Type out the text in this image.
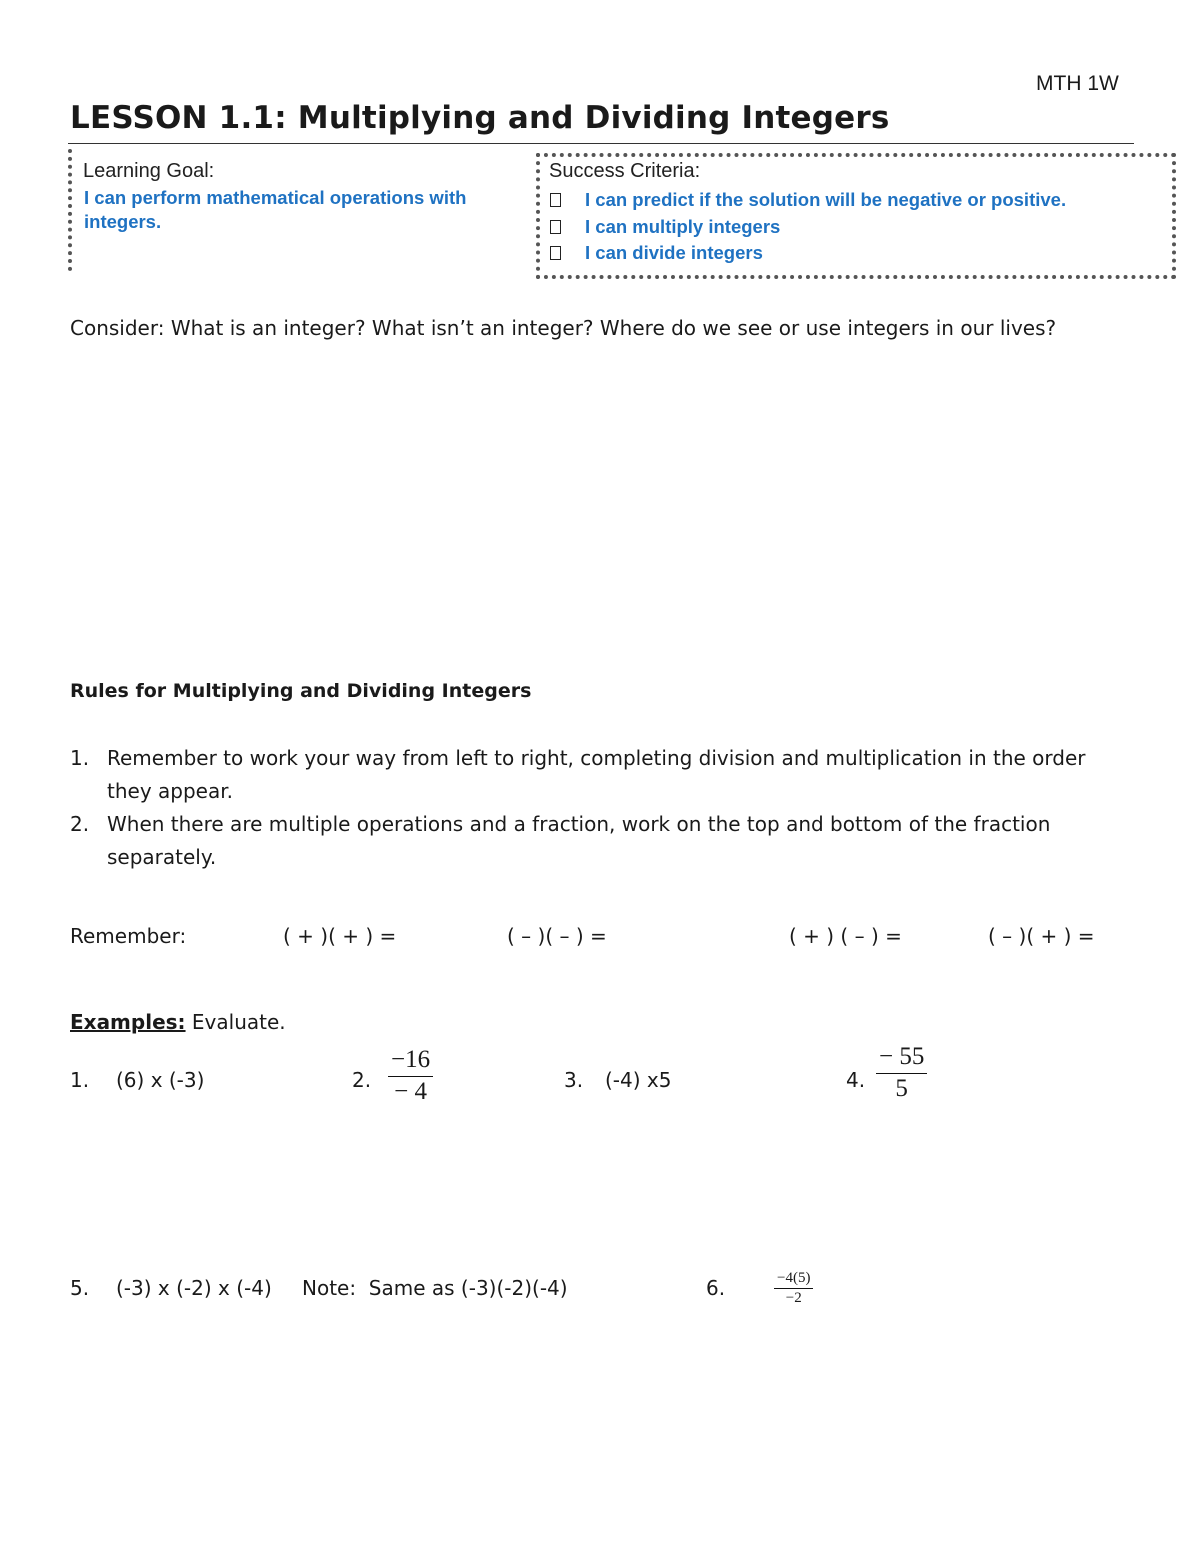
MTH 1W
LESSON 1.1: Multiplying and Dividing Integers
Learning Goal:
I can perform mathematical operations with integers.
Success Criteria:
I can predict if the solution will be negative or positive.
I can multiply integers
I can divide integers
Consider: What is an integer? What isn’t an integer? Where do we see or use integers in our lives?
Rules for Multiplying and Dividing Integers
1. Remember to work your way from left to right, completing division and multiplication in the order they appear.
2. When there are multiple operations and a fraction, work on the top and bottom of the fraction separately.
Remember:	( + )( + ) =	( – )( – ) =	( + ) ( – ) =	( – )( + ) =
Examples: Evaluate.
1. (6) x (-3)	2. $\frac{-16}{- 4}$	3. (-4) x5	4. $\frac{- 55}{5}$
5. (-3) x (-2) x (-4) Note:  Same as (-3)(-2)(-4)	6.	$\frac{-4(5)}{-2}$
